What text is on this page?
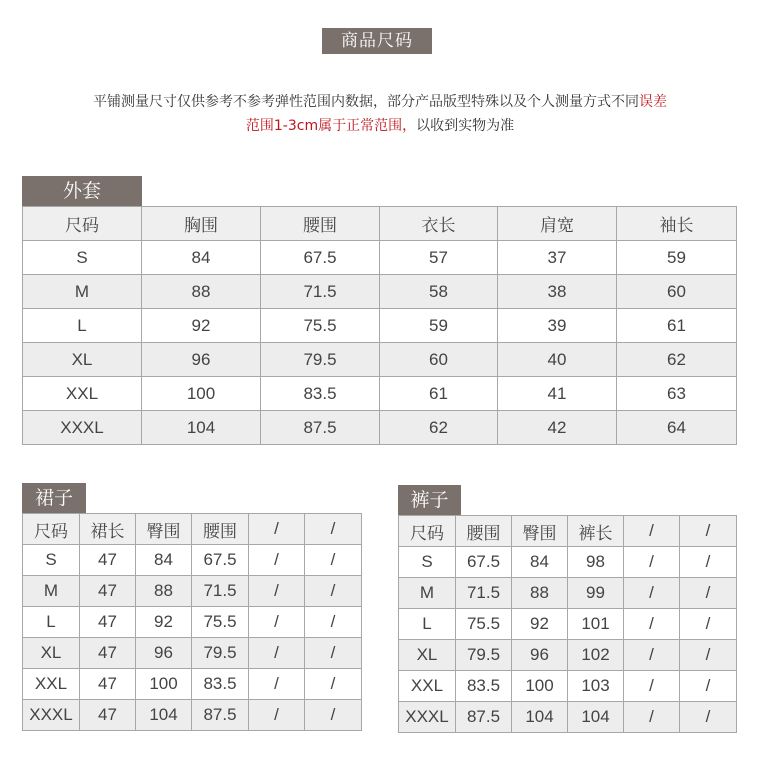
商品尺码
平铺测量尺寸仅供参考不参考弹性范围内数据，部分产品版型特殊以及个人测量方式不同误差
范围1-3cm属于正常范围，以收到实物为准
外套
尺码	胸围	腰围	衣长	肩宽	袖长
S	84	67.5	57	37	59
M	88	71.5	58	38	60
L	92	75.5	59	39	61
XL	96	79.5	60	40	62
XXL	100	83.5	61	41	63
XXXL	104	87.5	62	42	64
裙子
尺码	裙长	臀围	腰围	/	/
S	47	84	67.5	/	/
M	47	88	71.5	/	/
L	47	92	75.5	/	/
XL	47	96	79.5	/	/
XXL	47	100	83.5	/	/
XXXL	47	104	87.5	/	/
裤子
尺码	腰围	臀围	裤长	/	/
S	67.5	84	98	/	/
M	71.5	88	99	/	/
L	75.5	92	101	/	/
XL	79.5	96	102	/	/
XXL	83.5	100	103	/	/
XXXL	87.5	104	104	/	/
